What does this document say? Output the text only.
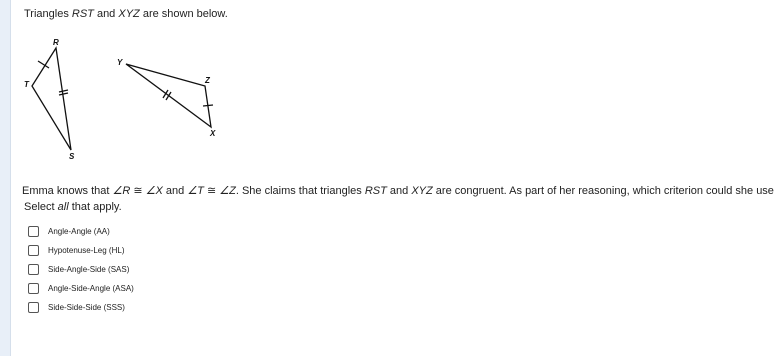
Triangles RST and XYZ are shown below.
R
T
S
Y
Z
X
Emma knows that ∠R ≅ ∠X and ∠T ≅ ∠Z. She claims that triangles RST and XYZ are congruent. As part of her reasoning, which criterion could she use
Select all that apply.
Angle-Angle (AA)
Hypotenuse-Leg (HL)
Side-Angle-Side (SAS)
Angle-Side-Angle (ASA)
Side-Side-Side (SSS)
